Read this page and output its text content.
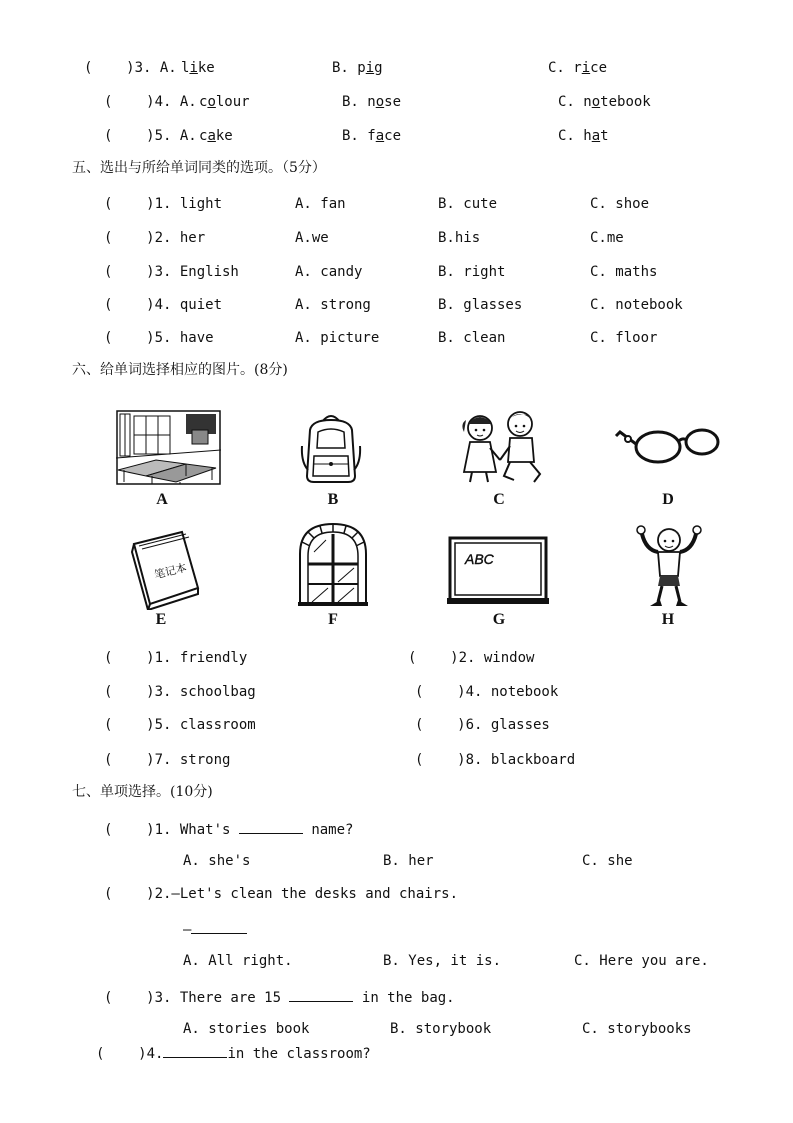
(    )3. A. like	B. pig	C. rice
(    )4. A. colour	B. nose	C. notebook
(    )5. A. cake	B. face	C. hat
五、选出与所给单词同类的选项。（5分）
(    )1. light	A. fan	B. cute	C. shoe
(    )2. her	A.we	B.his	C.me
(    )3. English	A. candy	B. right	C. maths
(    )4. quiet	A. strong	B. glasses	C. notebook
(    )5. have	A. picture	B. clean	C. floor
六、给单词选择相应的图片。(8分)
A	B	C	D
笔记本
E	F
ABC
G	H
(    )1. friendly	(    )2. window
(    )3. schoolbag	(    )4. notebook
(    )5. classroom	(    )6. glasses
(    )7. strong	(    )8. blackboard
七、单项选择。(10分)
(    )1. What's	name?
A. she's	B. her	C. she
(    )2.—Let's clean the desks and chairs.
—
A. All right.	B. Yes, it is.	C. Here you are.
(    )3. There are 15	in the bag.
A. stories book	B. storybook	C. storybooks
(    )4.	in the classroom?
